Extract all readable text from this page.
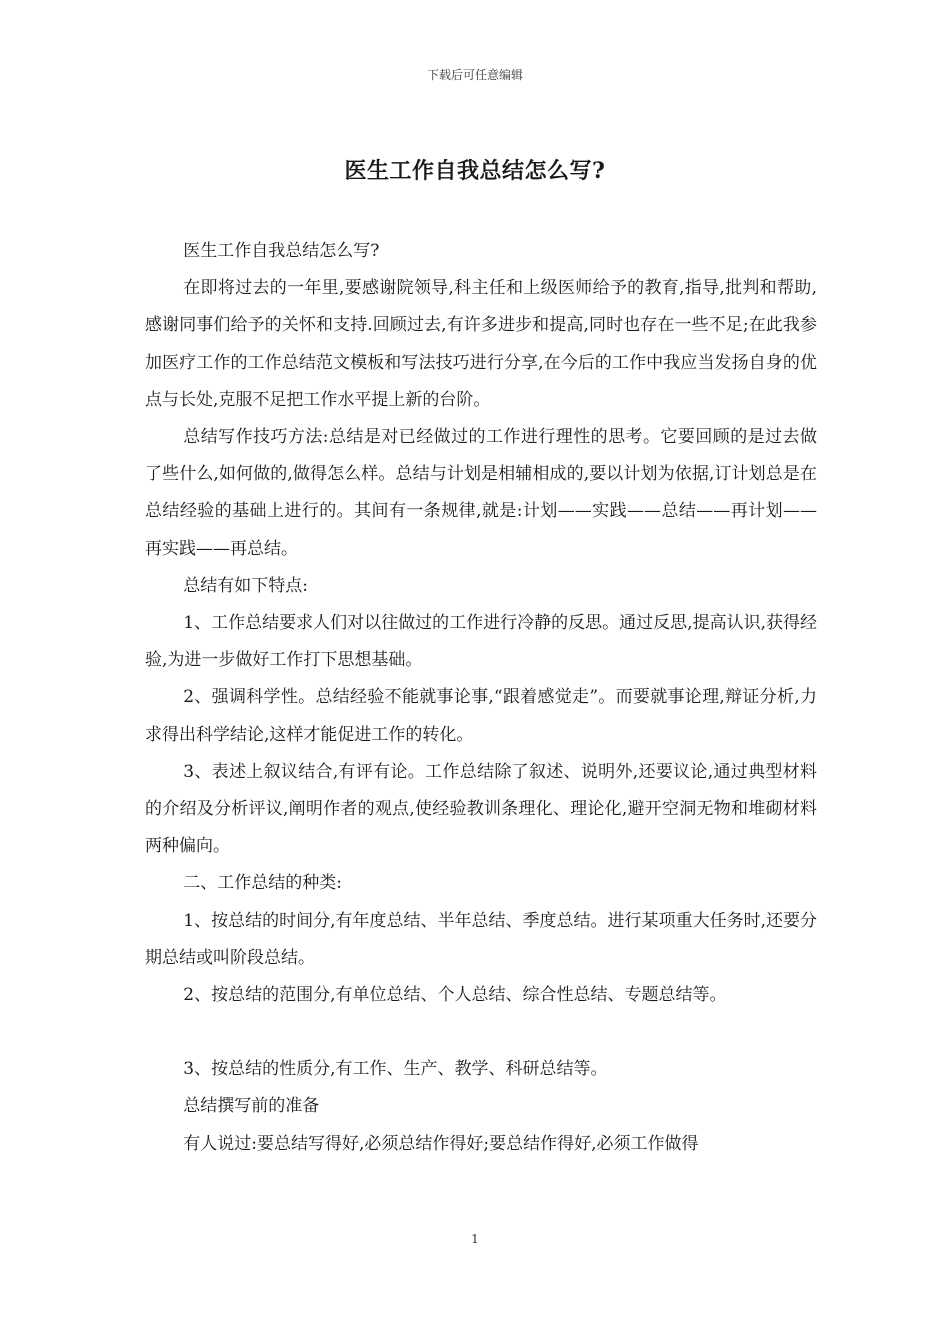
下载后可任意编辑
医生工作自我总结怎么写?

医生工作自我总结怎么写?

在即将过去的一年里,要感谢院领导,科主任和上级医师给予的教育,指导,批判和帮助,感谢同事们给予的关怀和支持.回顾过去,有许多进步和提高,同时也存在一些不足;在此我参加医疗工作的工作总结范文模板和写法技巧进行分享,在今后的工作中我应当发扬自身的优点与长处,克服不足把工作水平提上新的台阶。

总结写作技巧方法:总结是对已经做过的工作进行理性的思考。它要回顾的是过去做了些什么,如何做的,做得怎么样。总结与计划是相辅相成的,要以计划为依据,订计划总是在总结经验的基础上进行的。其间有一条规律,就是:计划——实践——总结——再计划——再实践——再总结。

总结有如下特点:

1、工作总结要求人们对以往做过的工作进行冷静的反思。通过反思,提高认识,获得经验,为进一步做好工作打下思想基础。

2、强调科学性。总结经验不能就事论事,“跟着感觉走”。而要就事论理,辩证分析,力求得出科学结论,这样才能促进工作的转化。

3、表述上叙议结合,有评有论。工作总结除了叙述、说明外,还要议论,通过典型材料的介绍及分析评议,阐明作者的观点,使经验教训条理化、理论化,避开空洞无物和堆砌材料两种偏向。

二、工作总结的种类:

1、按总结的时间分,有年度总结、半年总结、季度总结。进行某项重大任务时,还要分期总结或叫阶段总结。

2、按总结的范围分,有单位总结、个人总结、综合性总结、专题总结等。

3、按总结的性质分,有工作、生产、教学、科研总结等。

总结撰写前的准备

有人说过:要总结写得好,必须总结作得好;要总结作得好,必须工作做得

1
